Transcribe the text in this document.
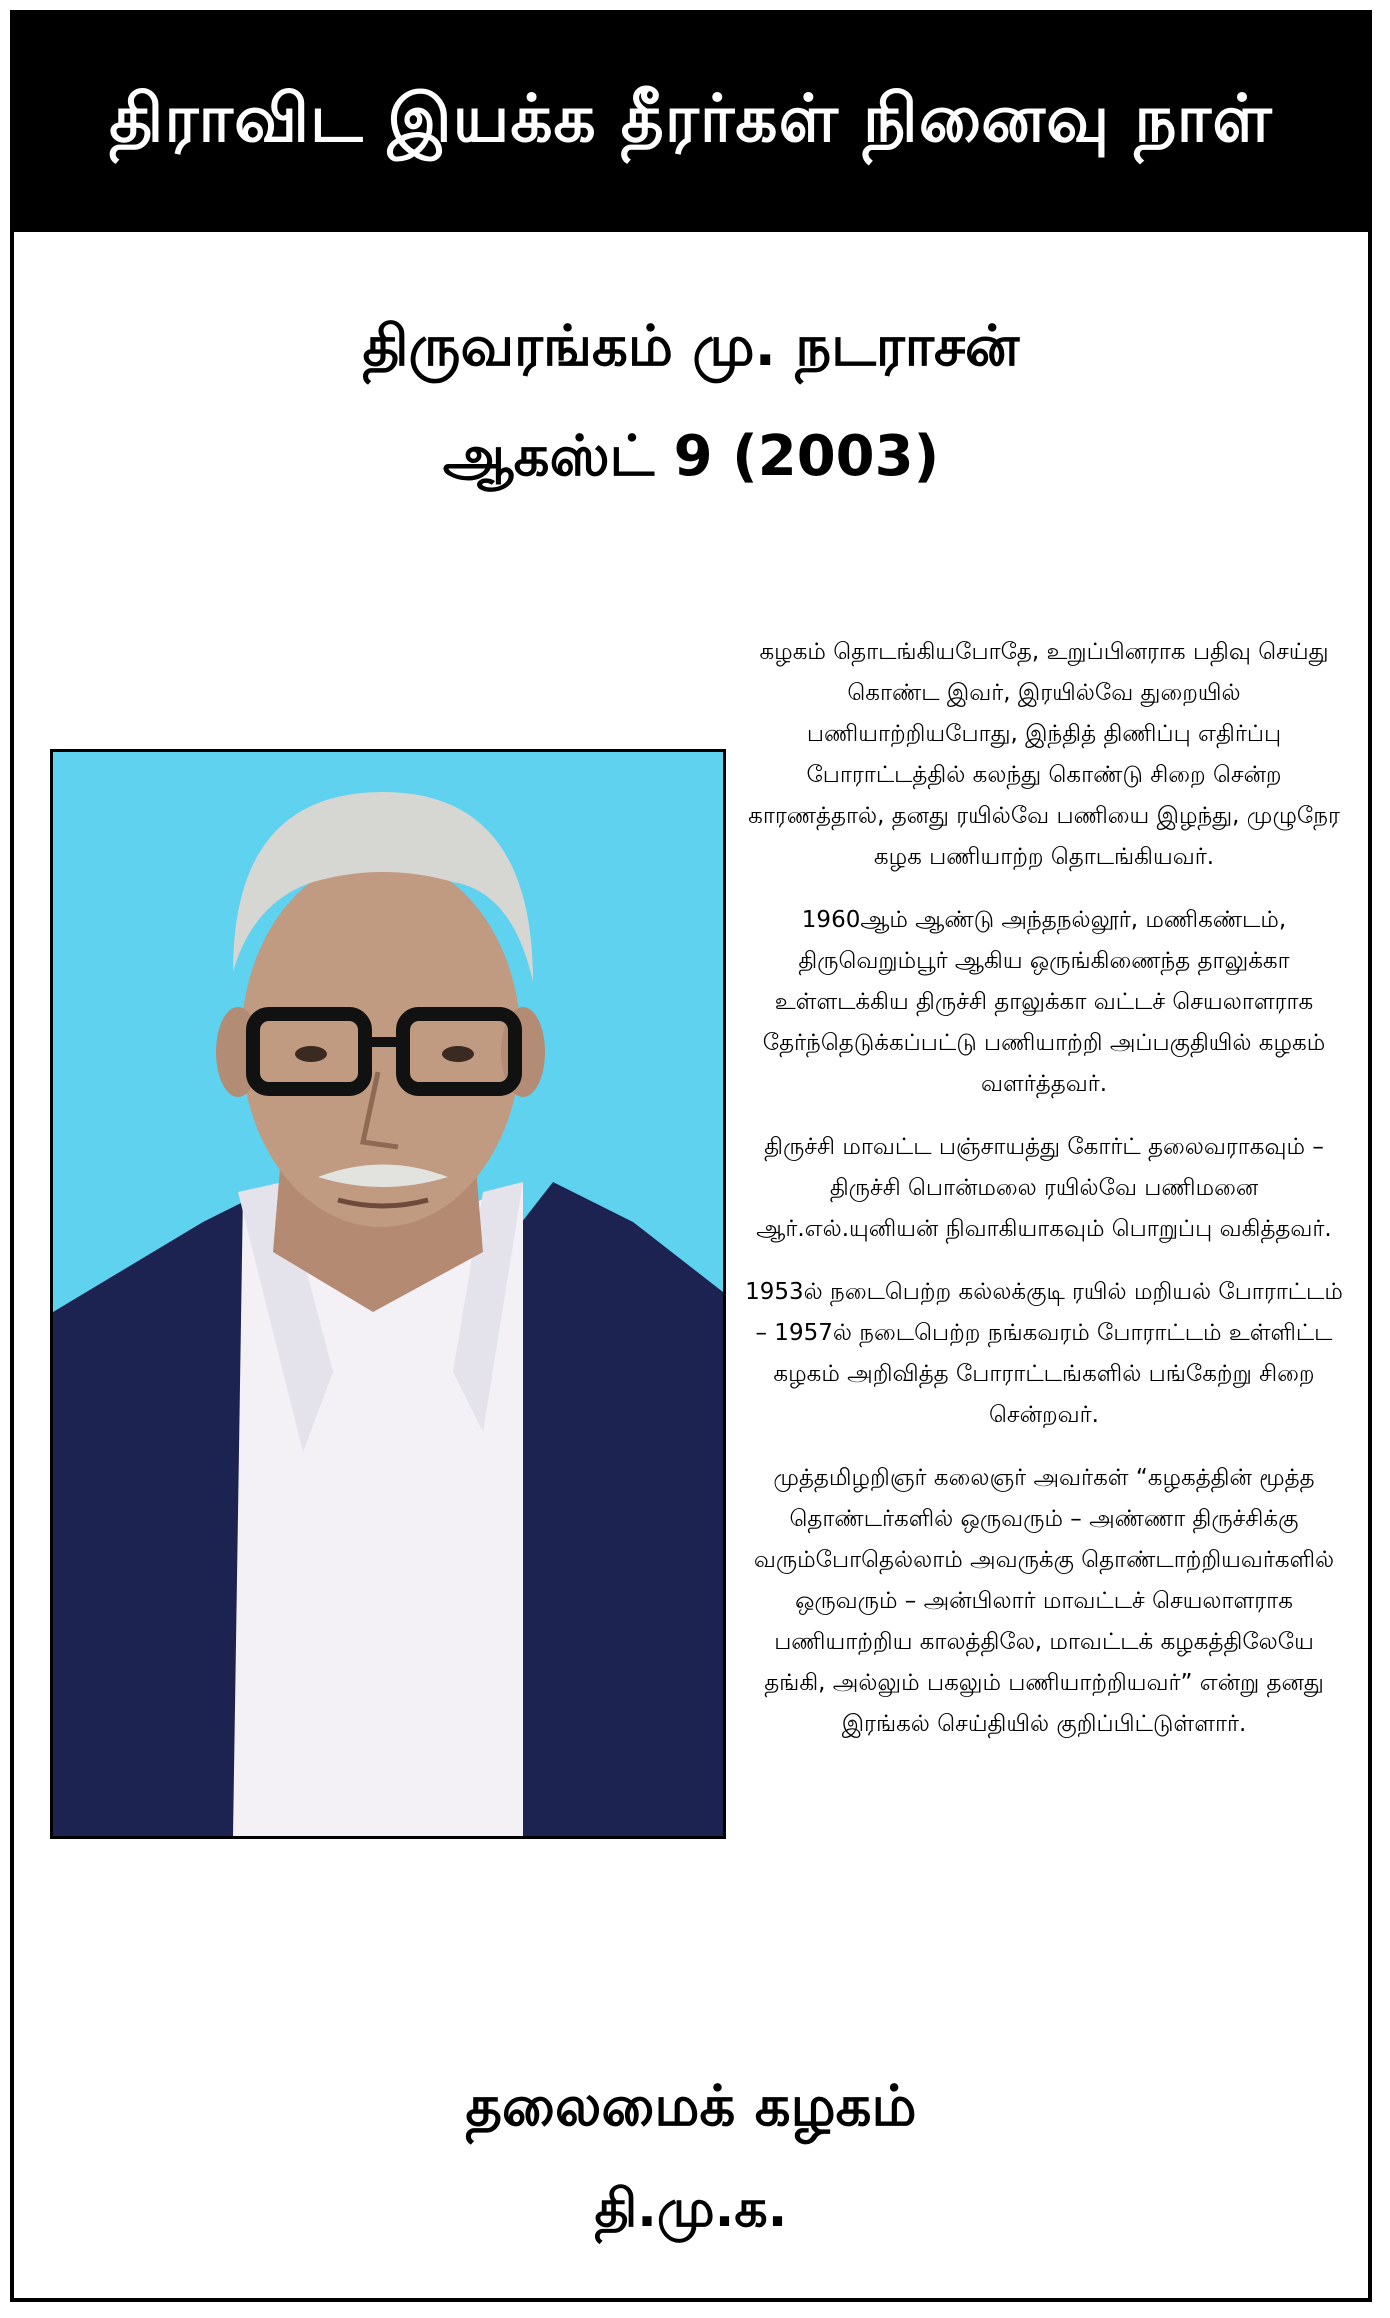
திராவிட இயக்க தீரர்கள் நினைவு நாள்
திருவரங்கம் மு. நடராசன்
ஆகஸ்ட் 9 (2003)

கழகம் தொடங்கியபோதே, உறுப்பினராக பதிவு செய்து கொண்ட இவர், இரயில்வே துறையில் பணியாற்றியபோது, இந்தித் திணிப்பு எதிர்ப்பு போராட்டத்தில் கலந்து கொண்டு சிறை சென்ற காரணத்தால், தனது ரயில்வே பணியை இழந்து, முழுநேர கழக பணியாற்ற தொடங்கியவர்.

1960ஆம் ஆண்டு அந்தநல்லூர், மணிகண்டம், திருவெறும்பூர் ஆகிய ஒருங்கிணைந்த தாலுக்கா உள்ளடக்கிய திருச்சி தாலுக்கா வட்டச் செயலாளராக தேர்ந்தெடுக்கப்பட்டு பணியாற்றி அப்பகுதியில் கழகம் வளர்த்தவர்.

திருச்சி மாவட்ட பஞ்சாயத்து கோர்ட் தலைவராகவும் – திருச்சி பொன்மலை ரயில்வே பணிமனை ஆர்.எல்.யுனியன் நிவாகியாகவும் பொறுப்பு வகித்தவர்.

1953ல் நடைபெற்ற கல்லக்குடி ரயில் மறியல் போராட்டம் – 1957ல் நடைபெற்ற நங்கவரம் போராட்டம் உள்ளிட்ட கழகம் அறிவித்த போராட்டங்களில் பங்கேற்று சிறை சென்றவர்.

முத்தமிழறிஞர் கலைஞர் அவர்கள் “கழகத்தின் மூத்த தொண்டர்களில் ஒருவரும் – அண்ணா திருச்சிக்கு வரும்போதெல்லாம் அவருக்கு தொண்டாற்றியவர்களில் ஒருவரும் – அன்பிலார் மாவட்டச் செயலாளராக பணியாற்றிய காலத்திலே, மாவட்டக் கழகத்திலேயே தங்கி, அல்லும் பகலும் பணியாற்றியவர்” என்று தனது இரங்கல் செய்தியில் குறிப்பிட்டுள்ளார்.

தலைமைக் கழகம்
தி.மு.க.
